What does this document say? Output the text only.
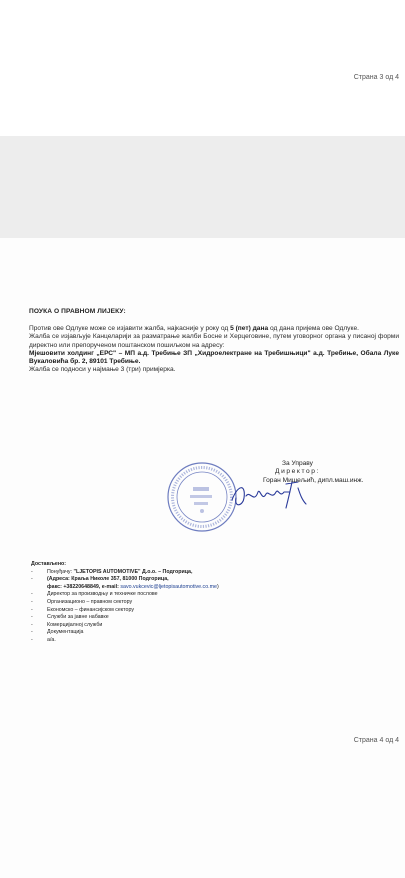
Страна 3 од 4
ПОУКА О ПРАВНОМ ЛИЈЕКУ:

Против ове Одлуке може се изјавити жалба, најкасније у року од 5 (пет) дана од дана пријема ове Одлуке.

Жалба се изјављује Канцеларији за разматрање жалби Босне и Херцеговине, путем уговорног органа у писаној форми директно или препорученом поштанском пошиљком на адресу:

Мјешовити холдинг „ЕРС" – МП а.д. Требиње ЗП „Хидроелектране на Требишњици" а.д. Требиње, Обала Луке Вукаловића бр. 2, 89101 Требиње.

Жалба се подноси у најмање 3 (три) примјерка.

За Управу
Директор:
Горан Мишељић, дипл.маш.инж.
Достављено:
-	Понуђачу: "LJETOPIS AUTOMOTIVE" Д.о.о. – Подгорица,
-	(Адреса: Краља Николе 357, 81000 Подгорица,
факс: +38220648849, e-mail: savo.vukcevic@ljetopisautomotive.co.me)
-	Директор за производњу и техничке послове
-	Организационо – правном сектору
-	Економско – финансијском сектору
-	Служби за јавне набавке
-	Комерцијалној служби
-	Документација
-	а/а.
Страна 4 од 4
